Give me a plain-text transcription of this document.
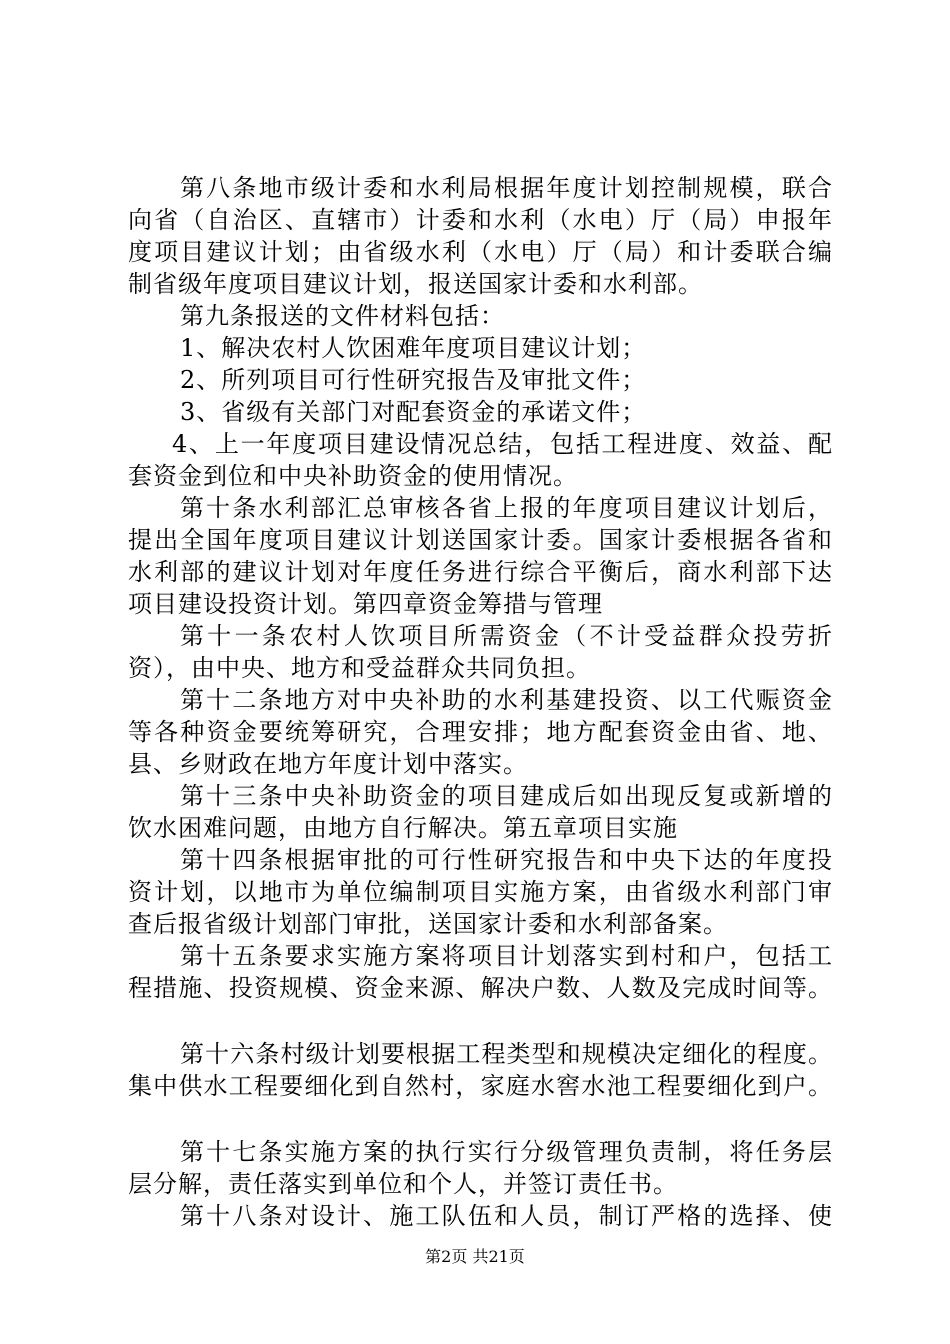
第八条地市级计委和水利局根据年度计划控制规模，联合

向省（自治区、直辖市）计委和水利（水电）厅（局）申报年

度项目建议计划；由省级水利（水电）厅（局）和计委联合编

制省级年度项目建议计划，报送国家计委和水利部。

第九条报送的文件材料包括：

1、解决农村人饮困难年度项目建议计划；

2、所列项目可行性研究报告及审批文件；

3、省级有关部门对配套资金的承诺文件；

4、上一年度项目建设情况总结，包括工程进度、效益、配

套资金到位和中央补助资金的使用情况。

第十条水利部汇总审核各省上报的年度项目建议计划后，

提出全国年度项目建议计划送国家计委。国家计委根据各省和

水利部的建议计划对年度任务进行综合平衡后，商水利部下达

项目建设投资计划。第四章资金筹措与管理

第十一条农村人饮项目所需资金（不计受益群众投劳折

资），由中央、地方和受益群众共同负担。

第十二条地方对中央补助的水利基建投资、以工代赈资金

等各种资金要统筹研究，合理安排；地方配套资金由省、地、

县、乡财政在地方年度计划中落实。

第十三条中央补助资金的项目建成后如出现反复或新增的

饮水困难问题，由地方自行解决。第五章项目实施

第十四条根据审批的可行性研究报告和中央下达的年度投

资计划，以地市为单位编制项目实施方案，由省级水利部门审

查后报省级计划部门审批，送国家计委和水利部备案。

第十五条要求实施方案将项目计划落实到村和户，包括工

程措施、投资规模、资金来源、解决户数、人数及完成时间等。

第十六条村级计划要根据工程类型和规模决定细化的程度。

集中供水工程要细化到自然村，家庭水窖水池工程要细化到户。

第十七条实施方案的执行实行分级管理负责制，将任务层

层分解，责任落实到单位和个人，并签订责任书。

第十八条对设计、施工队伍和人员，制订严格的选择、使

第2页 共21页
